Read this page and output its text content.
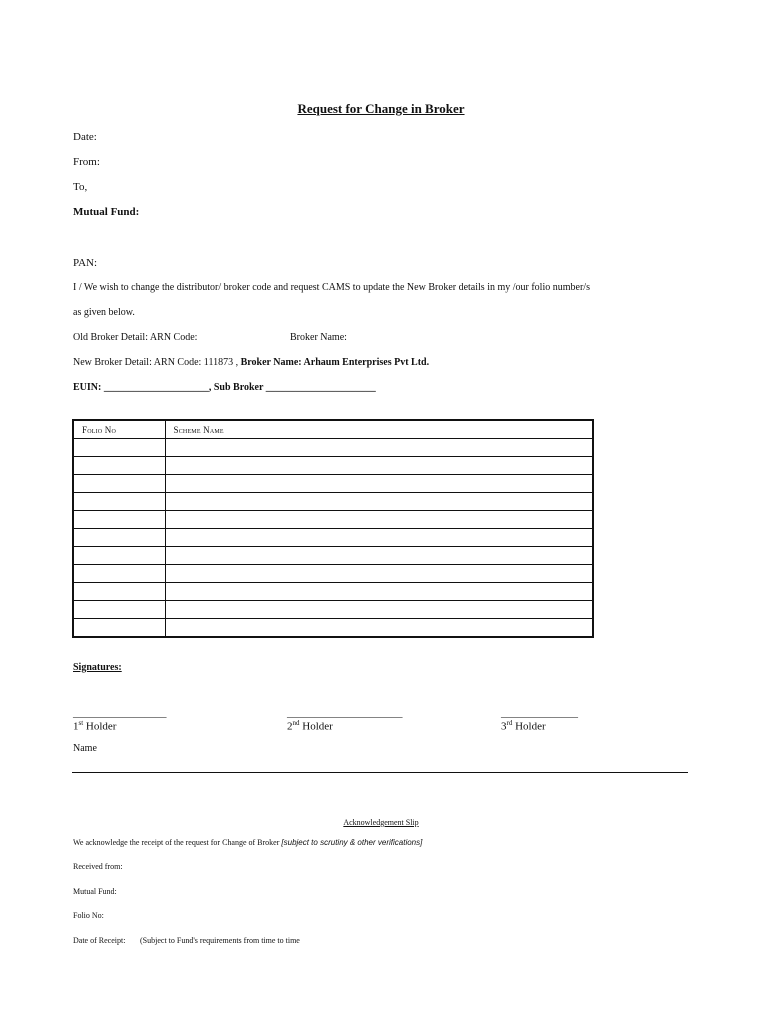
Request for Change in Broker
Date:
From:
To,
Mutual Fund:
PAN:
I / We wish to change the distributor/ broker code and request CAMS to update the New Broker details in my /our folio number/s
as given below.
Old Broker Detail: ARN Code:	Broker Name:
New Broker Detail: ARN Code: 111873 , Broker Name: Arhaum Enterprises Pvt Ltd.
EUIN: _____________________, Sub Broker ______________________
Folio No	Scheme Name

Signatures:
_________________
1st Holder
_____________________
2nd Holder
______________
3rd Holder
Name
Acknowledgement Slip
We acknowledge the receipt of the request for Change of Broker [subject to scrutiny & other verifications]
Received from:
Mutual Fund:
Folio No:
Date of Receipt: (Subject to Fund's requirements from time to time
